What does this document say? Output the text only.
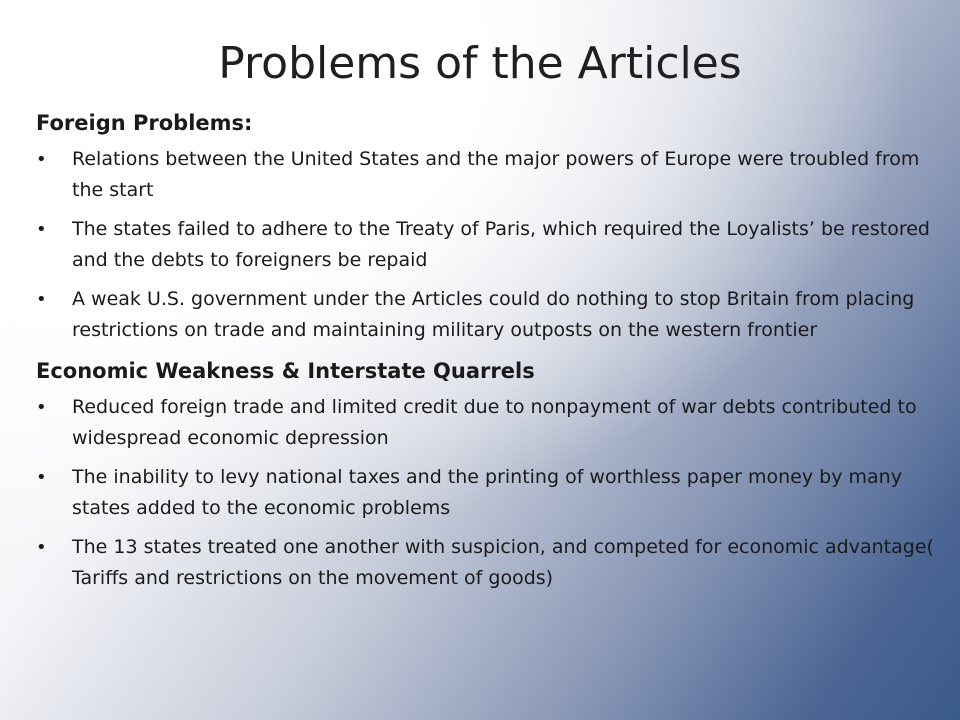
Problems of the Articles
Foreign Problems:
• Relations between the United States and the major powers of Europe were troubled from the start
• The states failed to adhere to the Treaty of Paris, which required the Loyalists’ be restored and the debts to foreigners be repaid
• A weak U.S. government under the Articles could do nothing to stop Britain from placing restrictions on trade and maintaining military outposts on the western frontier
Economic Weakness & Interstate Quarrels
• Reduced foreign trade and limited credit due to nonpayment of war debts contributed to widespread economic depression
• The inability to levy national taxes and the printing of worthless paper money by many states added to the economic problems
• The 13 states treated one another with suspicion, and competed for economic advantage( Tariffs and restrictions on the movement of goods)
